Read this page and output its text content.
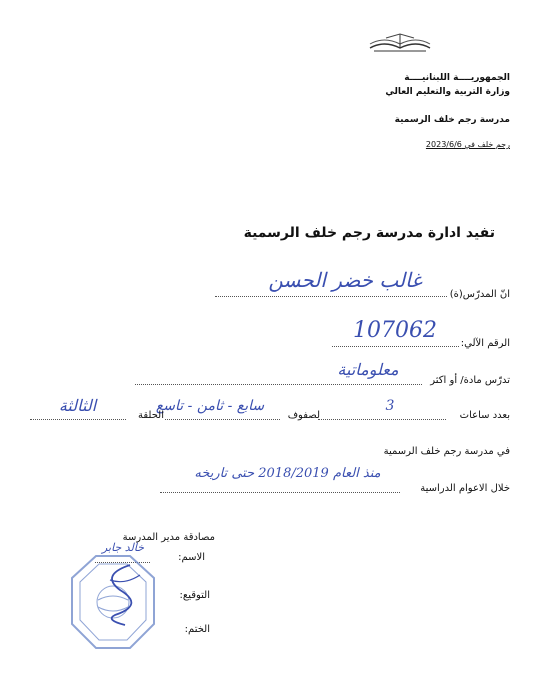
الجمهوريــــة اللبنانيــــة
وزارة التربية والتعليم العالي
مدرسة رجم خلف الرسمية
رجم خلف في 2023/6/6
تفيد ادارة مدرسة رجم خلف الرسمية
انّ المدرّس(ة)
غالب خضر الحسن
الرقم الآلي:
107062
تدرّس مادة/ أو اكثر
معلوماتية
بعدد ساعات
3
لصفوف
سابع - ثامن - تاسع
الحلقة
الثالثة
في مدرسة رجم خلف الرسمية
خلال الاعوام الدراسية
منذ العام 2018/2019 حتى تاريخه
مصادقة مدير المدرسة
الاسم:
خالد جابر
التوقيع:
الختم:
